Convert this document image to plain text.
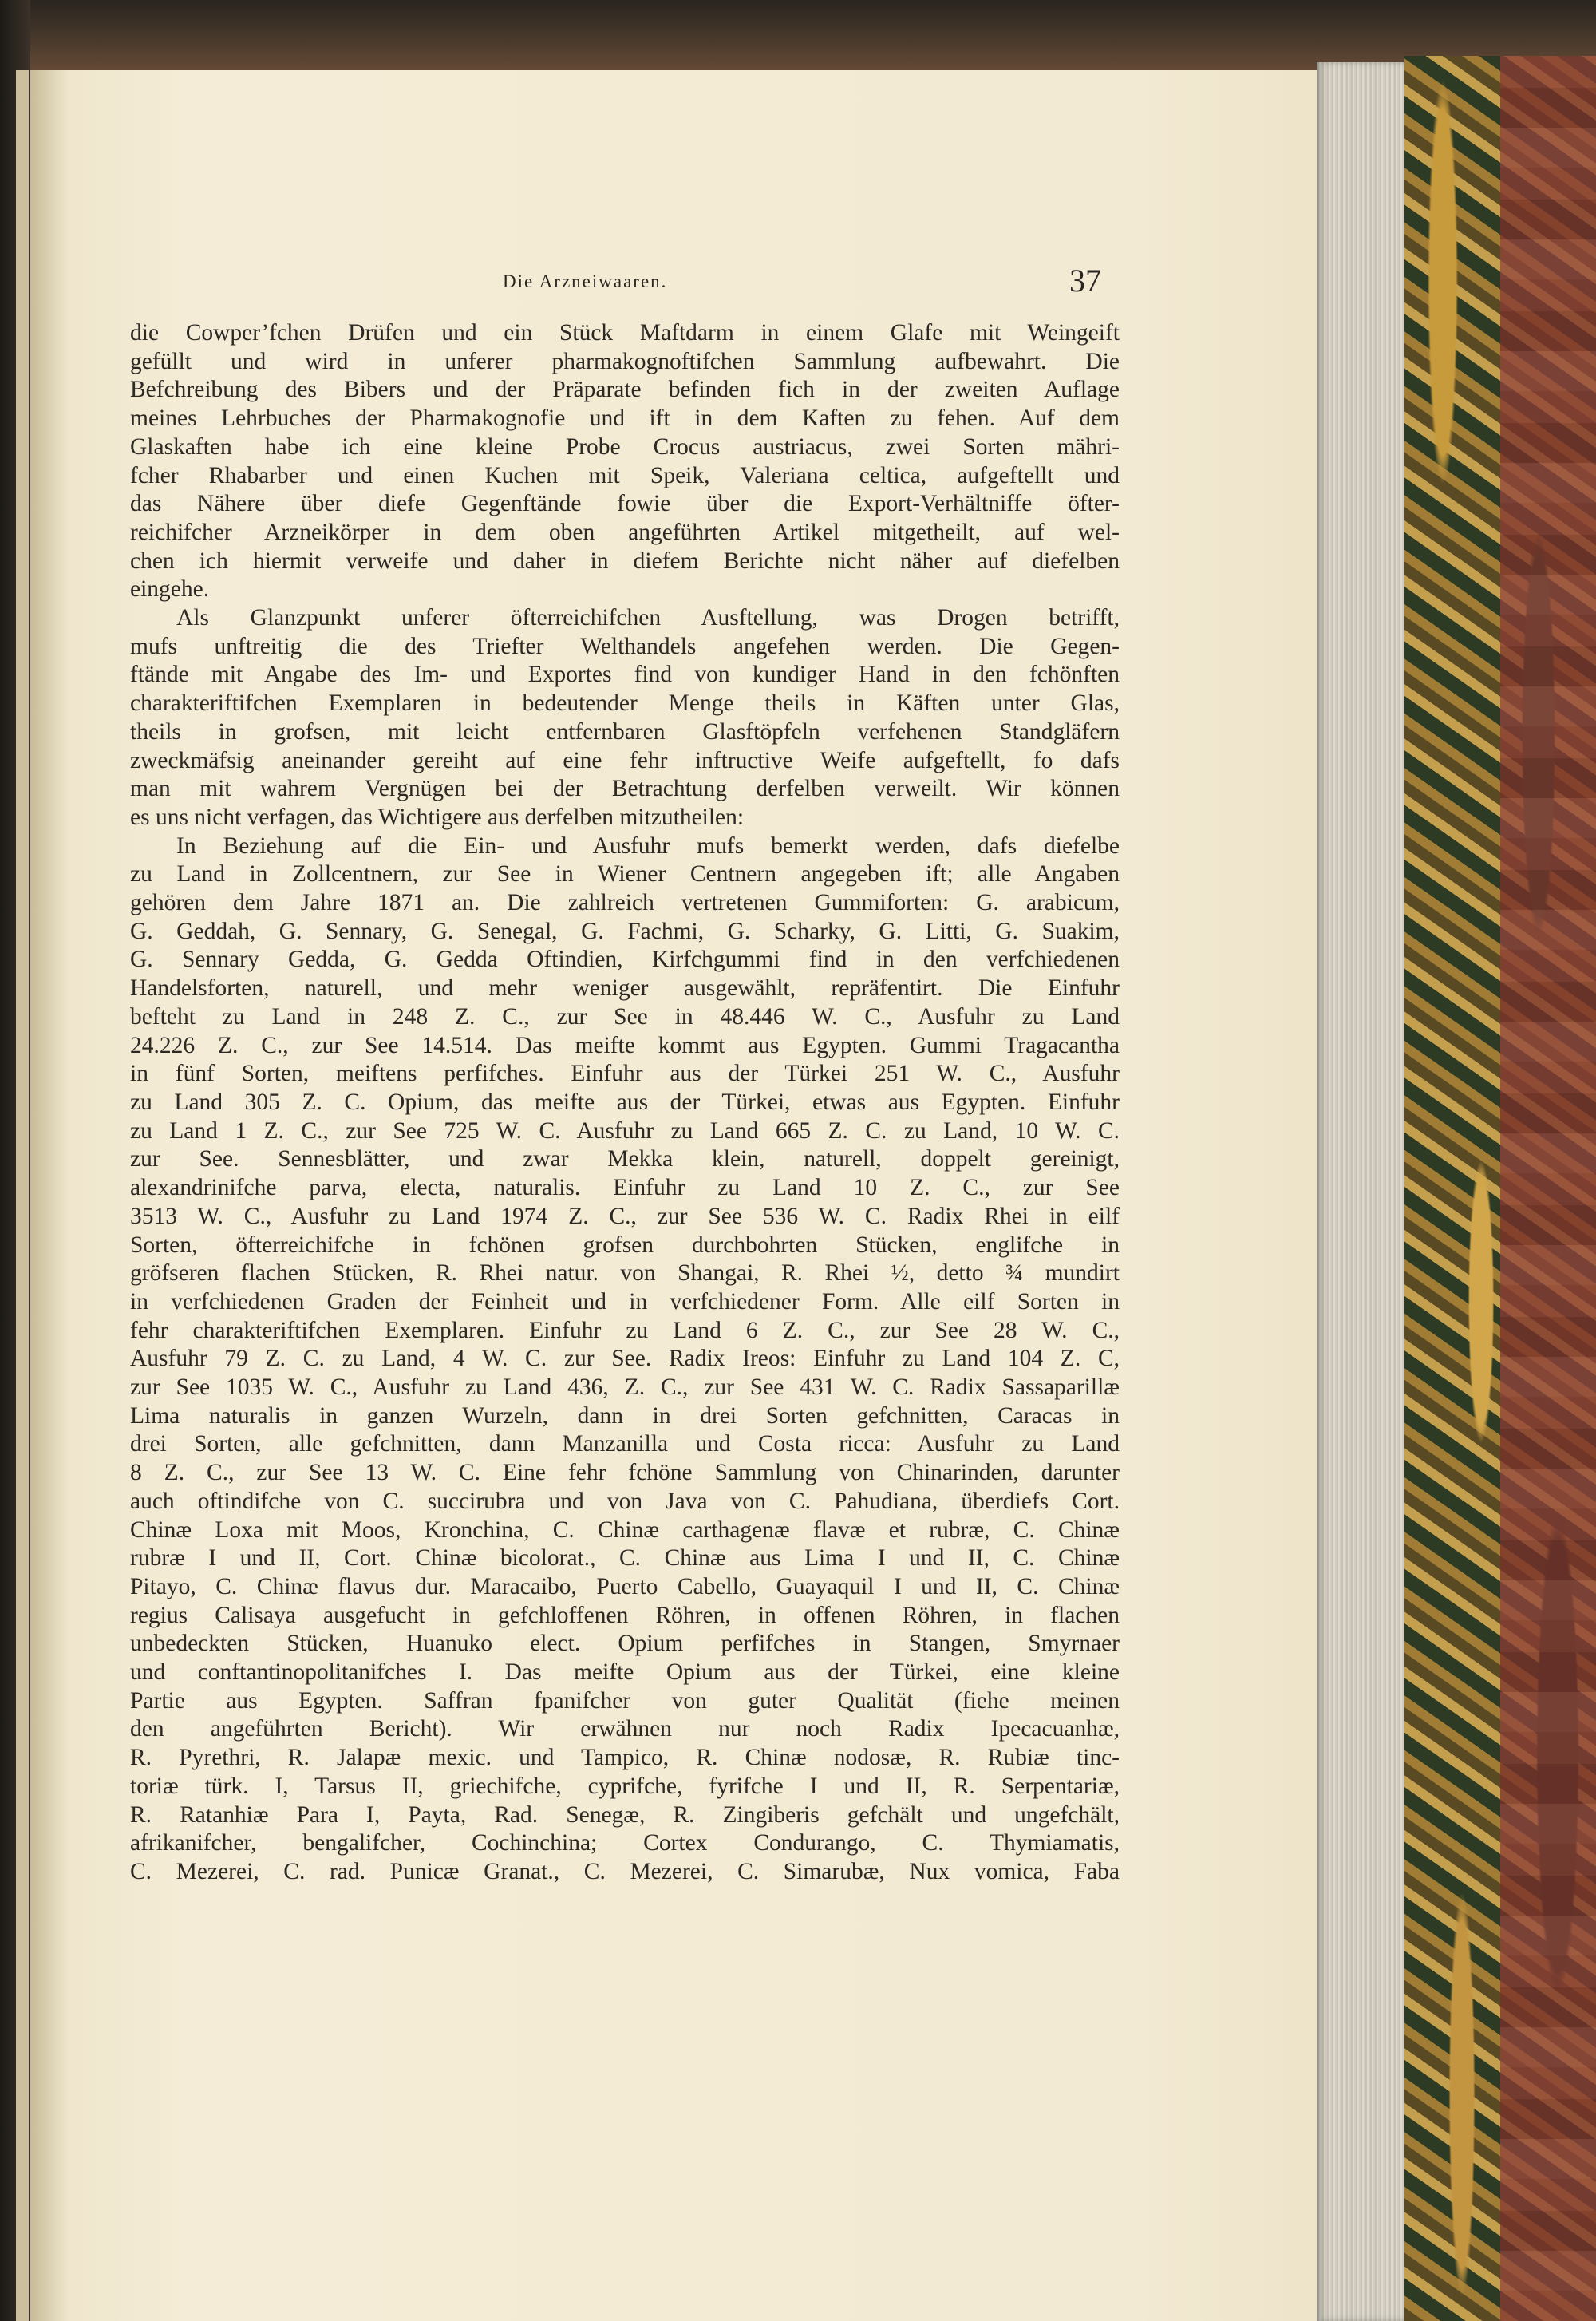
Die Arzneiwaaren.	37

die Cowper’fchen Drüfen und ein Stück Maftdarm in einem Glafe mit Weingeift

gefüllt und wird in unferer pharmakognoftifchen Sammlung aufbewahrt. Die

Befchreibung des Bibers und der Präparate befinden fich in der zweiten Auflage

meines Lehrbuches der Pharmakognofie und ift in dem Kaften zu fehen. Auf dem

Glaskaften habe ich eine kleine Probe Crocus austriacus, zwei Sorten mähri-

fcher Rhabarber und einen Kuchen mit Speik, Valeriana celtica, aufgeftellt und

das Nähere über diefe Gegenftände fowie über die Export-Verhältniffe öfter-

reichifcher Arzneikörper in dem oben angeführten Artikel mitgetheilt, auf wel-

chen ich hiermit verweife und daher in diefem Berichte nicht näher auf diefelben

eingehe.

Als Glanzpunkt unferer öfterreichifchen Ausftellung, was Drogen betrifft,

mufs unftreitig die des Triefter Welthandels angefehen werden. Die Gegen-

ftände mit Angabe des Im- und Exportes find von kundiger Hand in den fchönften

charakteriftifchen Exemplaren in bedeutender Menge theils in Käften unter Glas,

theils in grofsen, mit leicht entfernbaren Glasftöpfeln verfehenen Standgläfern

zweckmäfsig aneinander gereiht auf eine fehr inftructive Weife aufgeftellt, fo dafs

man mit wahrem Vergnügen bei der Betrachtung derfelben verweilt. Wir können

es uns nicht verfagen, das Wichtigere aus derfelben mitzutheilen:

In Beziehung auf die Ein- und Ausfuhr mufs bemerkt werden, dafs diefelbe

zu Land in Zollcentnern, zur See in Wiener Centnern angegeben ift; alle Angaben

gehören dem Jahre 1871 an. Die zahlreich vertretenen Gummiforten: G. arabicum,

G. Geddah, G. Sennary, G. Senegal, G. Fachmi, G. Scharky, G. Litti, G. Suakim,

G. Sennary Gedda, G. Gedda Oftindien, Kirfchgummi find in den verfchiedenen

Handelsforten, naturell, und mehr weniger ausgewählt, repräfentirt. Die Einfuhr

befteht zu Land in 248 Z. C., zur See in 48.446 W. C., Ausfuhr zu Land

24.226 Z. C., zur See 14.514. Das meifte kommt aus Egypten. Gummi Tragacantha

in fünf Sorten, meiftens perfifches. Einfuhr aus der Türkei 251 W. C., Ausfuhr

zu Land 305 Z. C. Opium, das meifte aus der Türkei, etwas aus Egypten. Einfuhr

zu Land 1 Z. C., zur See 725 W. C. Ausfuhr zu Land 665 Z. C. zu Land, 10 W. C.

zur See. Sennesblätter, und zwar Mekka klein, naturell, doppelt gereinigt,

alexandrinifche parva, electa, naturalis. Einfuhr zu Land 10 Z. C., zur See

3513 W. C., Ausfuhr zu Land 1974 Z. C., zur See 536 W. C. Radix Rhei in eilf

Sorten, öfterreichifche in fchönen grofsen durchbohrten Stücken, englifche in

gröfseren flachen Stücken, R. Rhei natur. von Shangai, R. Rhei ½, detto ¾ mundirt

in verfchiedenen Graden der Feinheit und in verfchiedener Form. Alle eilf Sorten in

fehr charakteriftifchen Exemplaren. Einfuhr zu Land 6 Z. C., zur See 28 W. C.,

Ausfuhr 79 Z. C. zu Land, 4 W. C. zur See. Radix Ireos: Einfuhr zu Land 104 Z. C,

zur See 1035 W. C., Ausfuhr zu Land 436, Z. C., zur See 431 W. C. Radix Sassaparillæ

Lima naturalis in ganzen Wurzeln, dann in drei Sorten gefchnitten, Caracas in

drei Sorten, alle gefchnitten, dann Manzanilla und Costa ricca: Ausfuhr zu Land

8 Z. C., zur See 13 W. C. Eine fehr fchöne Sammlung von Chinarinden, darunter

auch oftindifche von C. succirubra und von Java von C. Pahudiana, überdiefs Cort.

Chinæ Loxa mit Moos, Kronchina, C. Chinæ carthagenæ flavæ et rubræ, C. Chinæ

rubræ I und II, Cort. Chinæ bicolorat., C. Chinæ aus Lima I und II, C. Chinæ

Pitayo, C. Chinæ flavus dur. Maracaibo, Puerto Cabello, Guayaquil I und II, C. Chinæ

regius Calisaya ausgefucht in gefchloffenen Röhren, in offenen Röhren, in flachen

unbedeckten Stücken, Huanuko elect. Opium perfifches in Stangen, Smyrnaer

und conftantinopolitanifches I. Das meifte Opium aus der Türkei, eine kleine

Partie aus Egypten. Saffran fpanifcher von guter Qualität (fiehe meinen

den angeführten Bericht). Wir erwähnen nur noch Radix Ipecacuanhæ,

R. Pyrethri, R. Jalapæ mexic. und Tampico, R. Chinæ nodosæ, R. Rubiæ tinc-

toriæ türk. I, Tarsus II, griechifche, cyprifche, fyrifche I und II, R. Serpentariæ,

R. Ratanhiæ Para I, Payta, Rad. Senegæ, R. Zingiberis gefchält und ungefchält,

afrikanifcher, bengalifcher, Cochinchina; Cortex Condurango, C. Thymiamatis,

C. Mezerei, C. rad. Punicæ Granat., C. Mezerei, C. Simarubæ, Nux vomica, Faba
